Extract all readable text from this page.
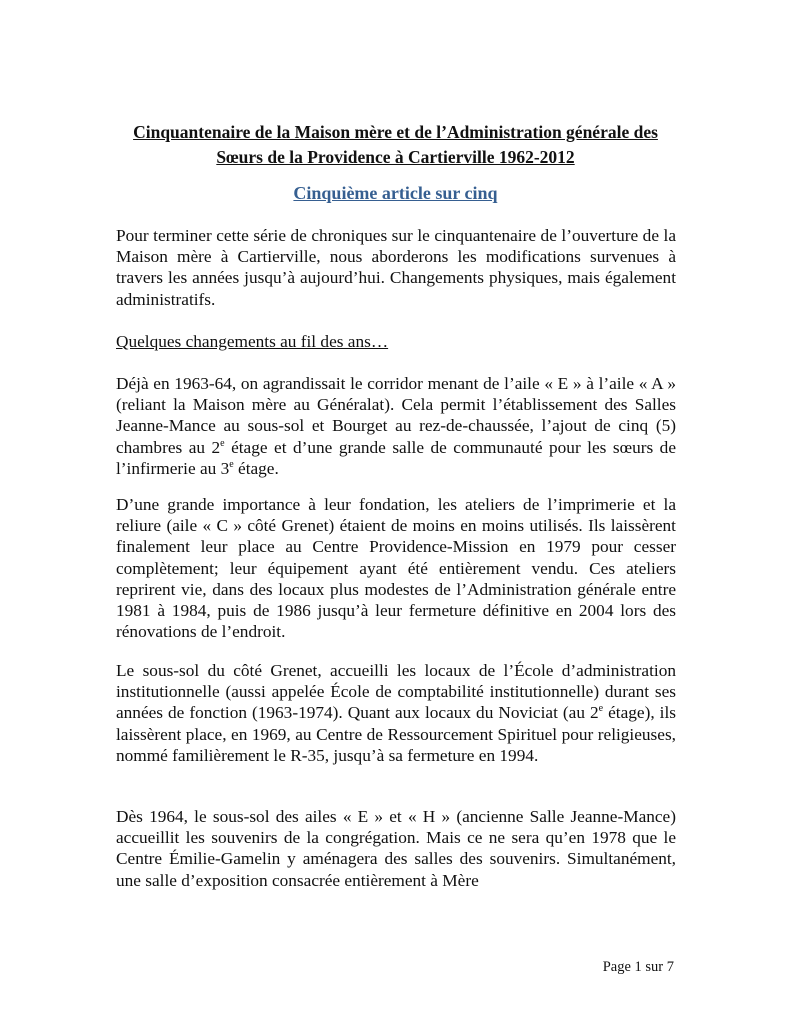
Cinquantenaire de la Maison mère et de l’Administration générale des
Sœurs de la Providence à Cartierville 1962-2012
Cinquième article sur cinq

Pour terminer cette série de chroniques sur le cinquantenaire de l’ouverture de la Maison mère à Cartierville, nous aborderons les modifications survenues à travers les années jusqu’à aujourd’hui. Changements physiques, mais également administratifs.

Quelques changements au fil des ans…

Déjà en 1963-64, on agrandissait le corridor menant de l’aile « E » à l’aile « A » (reliant la Maison mère au Généralat). Cela permit l’établissement des Salles Jeanne-Mance au sous-sol et Bourget au rez-de-chaussée, l’ajout de cinq (5) chambres au 2e étage et d’une grande salle de communauté pour les sœurs de l’infirmerie au 3e étage.

D’une grande importance à leur fondation, les ateliers de l’imprimerie et la reliure (aile « C » côté Grenet) étaient de moins en moins utilisés. Ils laissèrent finalement leur place au Centre Providence-Mission en 1979 pour cesser complètement; leur équipement ayant été entièrement vendu. Ces ateliers reprirent vie, dans des locaux plus modestes de l’Administration générale entre 1981 à 1984, puis de 1986 jusqu’à leur fermeture définitive en 2004 lors des rénovations de l’endroit.

Le sous-sol du côté Grenet, accueilli les locaux de l’École d’administration institutionnelle (aussi appelée École de comptabilité institutionnelle) durant ses années de fonction (1963-1974). Quant aux locaux du Noviciat (au 2e étage), ils laissèrent place, en 1969, au Centre de Ressourcement Spirituel pour religieuses, nommé familièrement le R-35, jusqu’à sa fermeture en 1994.

Dès 1964, le sous-sol des ailes « E » et « H » (ancienne Salle Jeanne-Mance) accueillit les souvenirs de la congrégation. Mais ce ne sera qu’en 1978 que le Centre Émilie-Gamelin y aménagera des salles des souvenirs. Simultanément, une salle d’exposition consacrée entièrement à Mère

Page 1 sur 7
